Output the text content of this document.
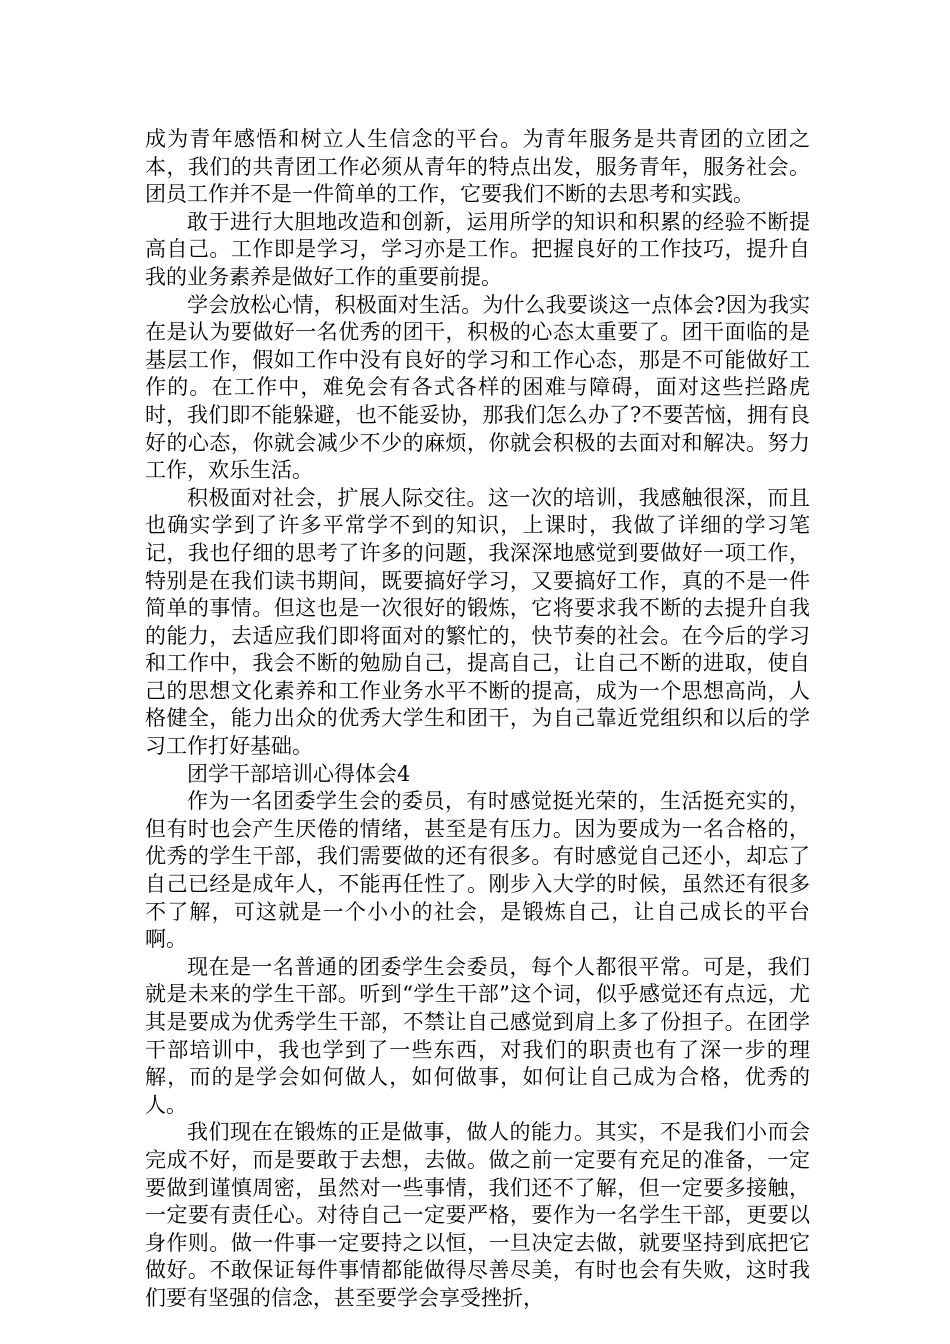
成为青年感悟和树立人生信念的平台。为青年服务是共青团的立团之本，我们的共青团工作必须从青年的特点出发，服务青年，服务社会。团员工作并不是一件简单的工作，它要我们不断的去思考和实践。

敢于进行大胆地改造和创新，运用所学的知识和积累的经验不断提高自己。工作即是学习，学习亦是工作。把握良好的工作技巧，提升自我的业务素养是做好工作的重要前提。

学会放松心情，积极面对生活。为什么我要谈这一点体会?因为我实在是认为要做好一名优秀的团干，积极的心态太重要了。团干面临的是基层工作，假如工作中没有良好的学习和工作心态，那是不可能做好工作的。在工作中，难免会有各式各样的困难与障碍，面对这些拦路虎时，我们即不能躲避，也不能妥协，那我们怎么办了?不要苦恼，拥有良好的心态，你就会减少不少的麻烦，你就会积极的去面对和解决。努力工作，欢乐生活。

积极面对社会，扩展人际交往。这一次的培训，我感触很深，而且也确实学到了许多平常学不到的知识，上课时，我做了详细的学习笔记，我也仔细的思考了许多的问题，我深深地感觉到要做好一项工作，特别是在我们读书期间，既要搞好学习，又要搞好工作，真的不是一件简单的事情。但这也是一次很好的锻炼，它将要求我不断的去提升自我的能力，去适应我们即将面对的繁忙的，快节奏的社会。在今后的学习和工作中，我会不断的勉励自己，提高自己，让自己不断的进取，使自己的思想文化素养和工作业务水平不断的提高，成为一个思想高尚，人格健全，能力出众的优秀大学生和团干，为自己靠近党组织和以后的学习工作打好基础。

团学干部培训心得体会4

作为一名团委学生会的委员，有时感觉挺光荣的，生活挺充实的，但有时也会产生厌倦的情绪，甚至是有压力。因为要成为一名合格的，优秀的学生干部，我们需要做的还有很多。有时感觉自己还小，却忘了自己已经是成年人，不能再任性了。刚步入大学的时候，虽然还有很多不了解，可这就是一个小小的社会，是锻炼自己，让自己成长的平台啊。

现在是一名普通的团委学生会委员，每个人都很平常。可是，我们就是未来的学生干部。听到“学生干部”这个词，似乎感觉还有点远，尤其是要成为优秀学生干部，不禁让自己感觉到肩上多了份担子。在团学干部培训中，我也学到了一些东西，对我们的职责也有了深一步的理解，而的是学会如何做人，如何做事，如何让自己成为合格，优秀的人。

我们现在在锻炼的正是做事，做人的能力。其实，不是我们小而会完成不好，而是要敢于去想，去做。做之前一定要有充足的准备，一定要做到谨慎周密，虽然对一些事情，我们还不了解，但一定要多接触，一定要有责任心。对待自己一定要严格，要作为一名学生干部，更要以身作则。做一件事一定要持之以恒，一旦决定去做，就要坚持到底把它做好。不敢保证每件事情都能做得尽善尽美，有时也会有失败，这时我们要有坚强的信念，甚至要学会享受挫折，
